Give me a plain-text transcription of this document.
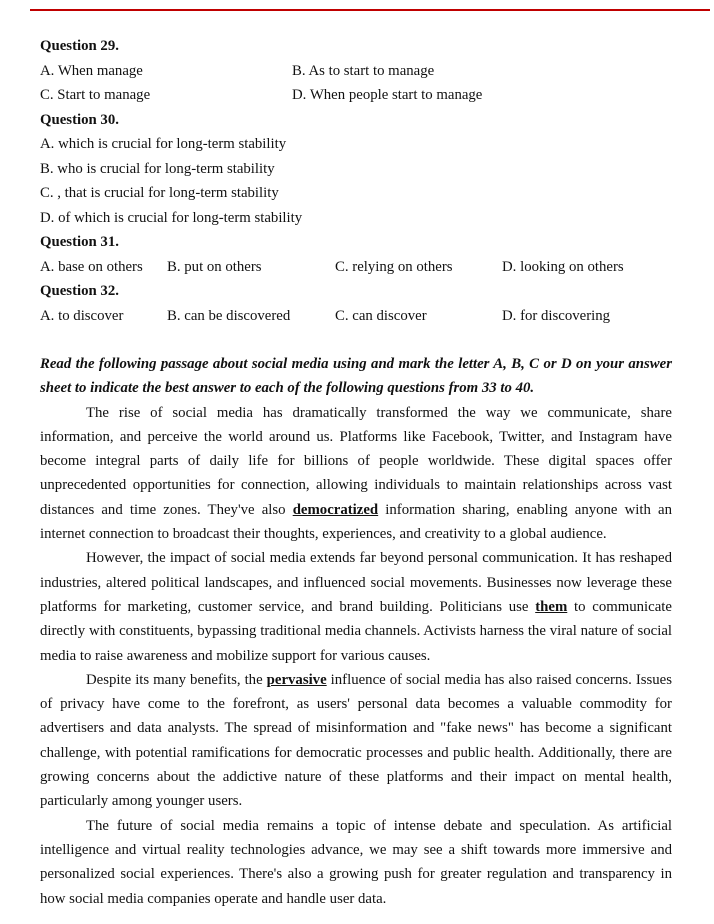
Question 29.

A. When manage	B. As to start to manage
C. Start to manage	D. When people start to manage

Question 30.

A. which is crucial for long-term stability
B. who is crucial for long-term stability
C. , that is crucial for long-term stability
D. of which is crucial for long-term stability

Question 31.

A. base on others	B. put on others	C. relying on others	D. looking on others

Question 32.

A. to discover	B. can be discovered	C. can discover	D. for discovering

Read the following passage about social media using and mark the letter A, B, C or D on your answer sheet to indicate the best answer to each of the following questions from 33 to 40.

The rise of social media has dramatically transformed the way we communicate, share information, and perceive the world around us. Platforms like Facebook, Twitter, and Instagram have become integral parts of daily life for billions of people worldwide. These digital spaces offer unprecedented opportunities for connection, allowing individuals to maintain relationships across vast distances and time zones. They've also democratized information sharing, enabling anyone with an internet connection to broadcast their thoughts, experiences, and creativity to a global audience.

However, the impact of social media extends far beyond personal communication. It has reshaped industries, altered political landscapes, and influenced social movements. Businesses now leverage these platforms for marketing, customer service, and brand building. Politicians use them to communicate directly with constituents, bypassing traditional media channels. Activists harness the viral nature of social media to raise awareness and mobilize support for various causes.

Despite its many benefits, the pervasive influence of social media has also raised concerns. Issues of privacy have come to the forefront, as users' personal data becomes a valuable commodity for advertisers and data analysts. The spread of misinformation and "fake news" has become a significant challenge, with potential ramifications for democratic processes and public health. Additionally, there are growing concerns about the addictive nature of these platforms and their impact on mental health, particularly among younger users.

The future of social media remains a topic of intense debate and speculation. As artificial intelligence and virtual reality technologies advance, we may see a shift towards more immersive and personalized social experiences. There's also a growing push for greater regulation and transparency in how social media companies operate and handle user data.
